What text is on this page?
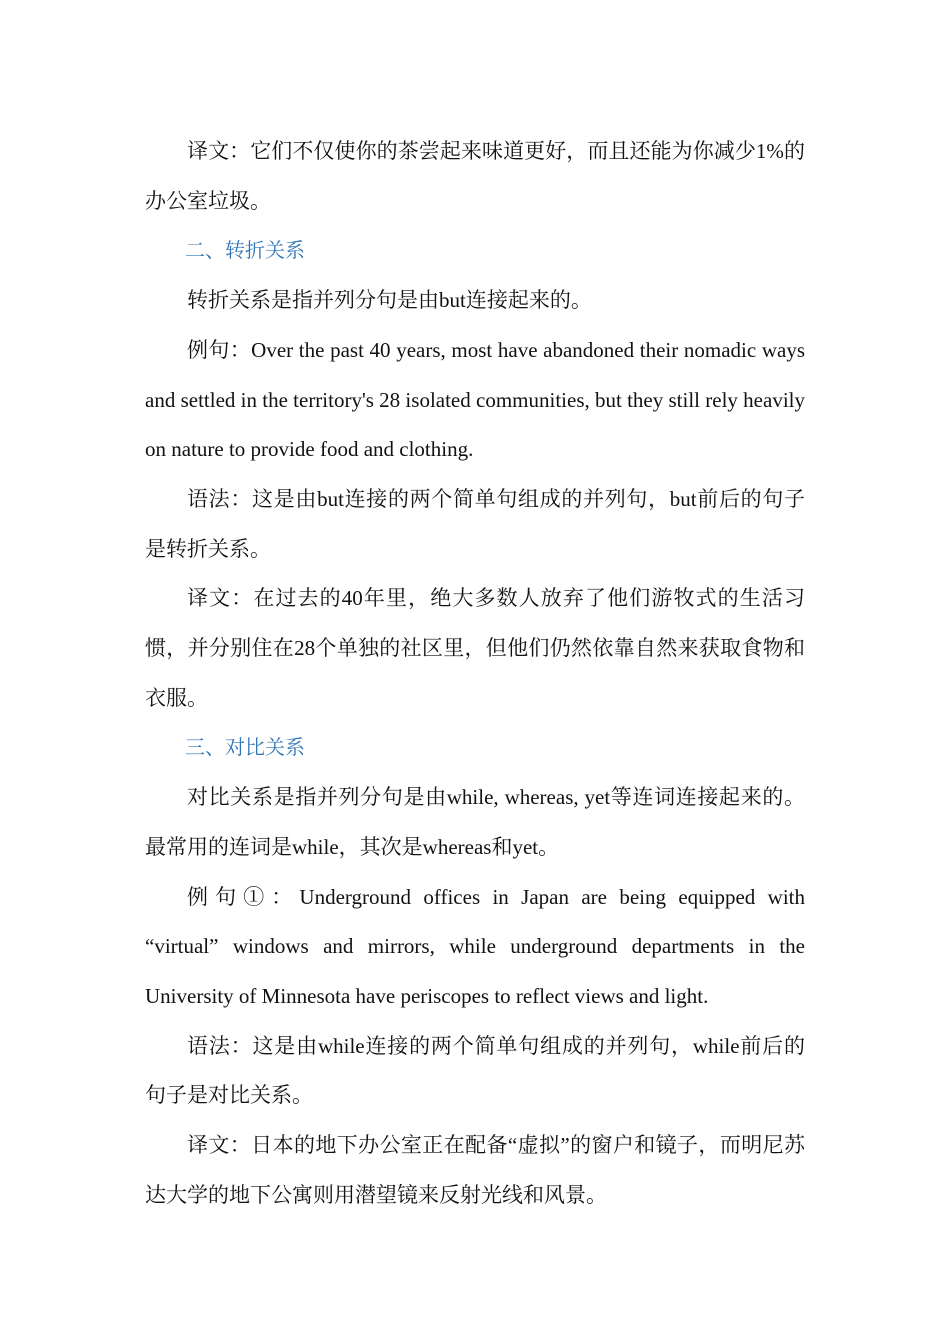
译文：它们不仅使你的茶尝起来味道更好，而且还能为你减少1%的办公室垃圾。

二、转折关系

转折关系是指并列分句是由but连接起来的。

例句：Over the past 40 years, most have abandoned their nomadic ways and settled in the territory's 28 isolated communities, but they still rely heavily on nature to provide food and clothing.

语法：这是由but连接的两个简单句组成的并列句，but前后的句子是转折关系。

译文：在过去的40年里，绝大多数人放弃了他们游牧式的生活习惯，并分别住在28个单独的社区里，但他们仍然依靠自然来获取食物和衣服。

三、对比关系

对比关系是指并列分句是由while, whereas, yet等连词连接起来的。最常用的连词是while，其次是whereas和yet。

例句①：Underground offices in Japan are being equipped with “virtual” windows and mirrors, while underground departments in the University of Minnesota have periscopes to reflect views and light.

语法：这是由while连接的两个简单句组成的并列句，while前后的句子是对比关系。

译文：日本的地下办公室正在配备“虚拟”的窗户和镜子，而明尼苏达大学的地下公寓则用潜望镜来反射光线和风景。
